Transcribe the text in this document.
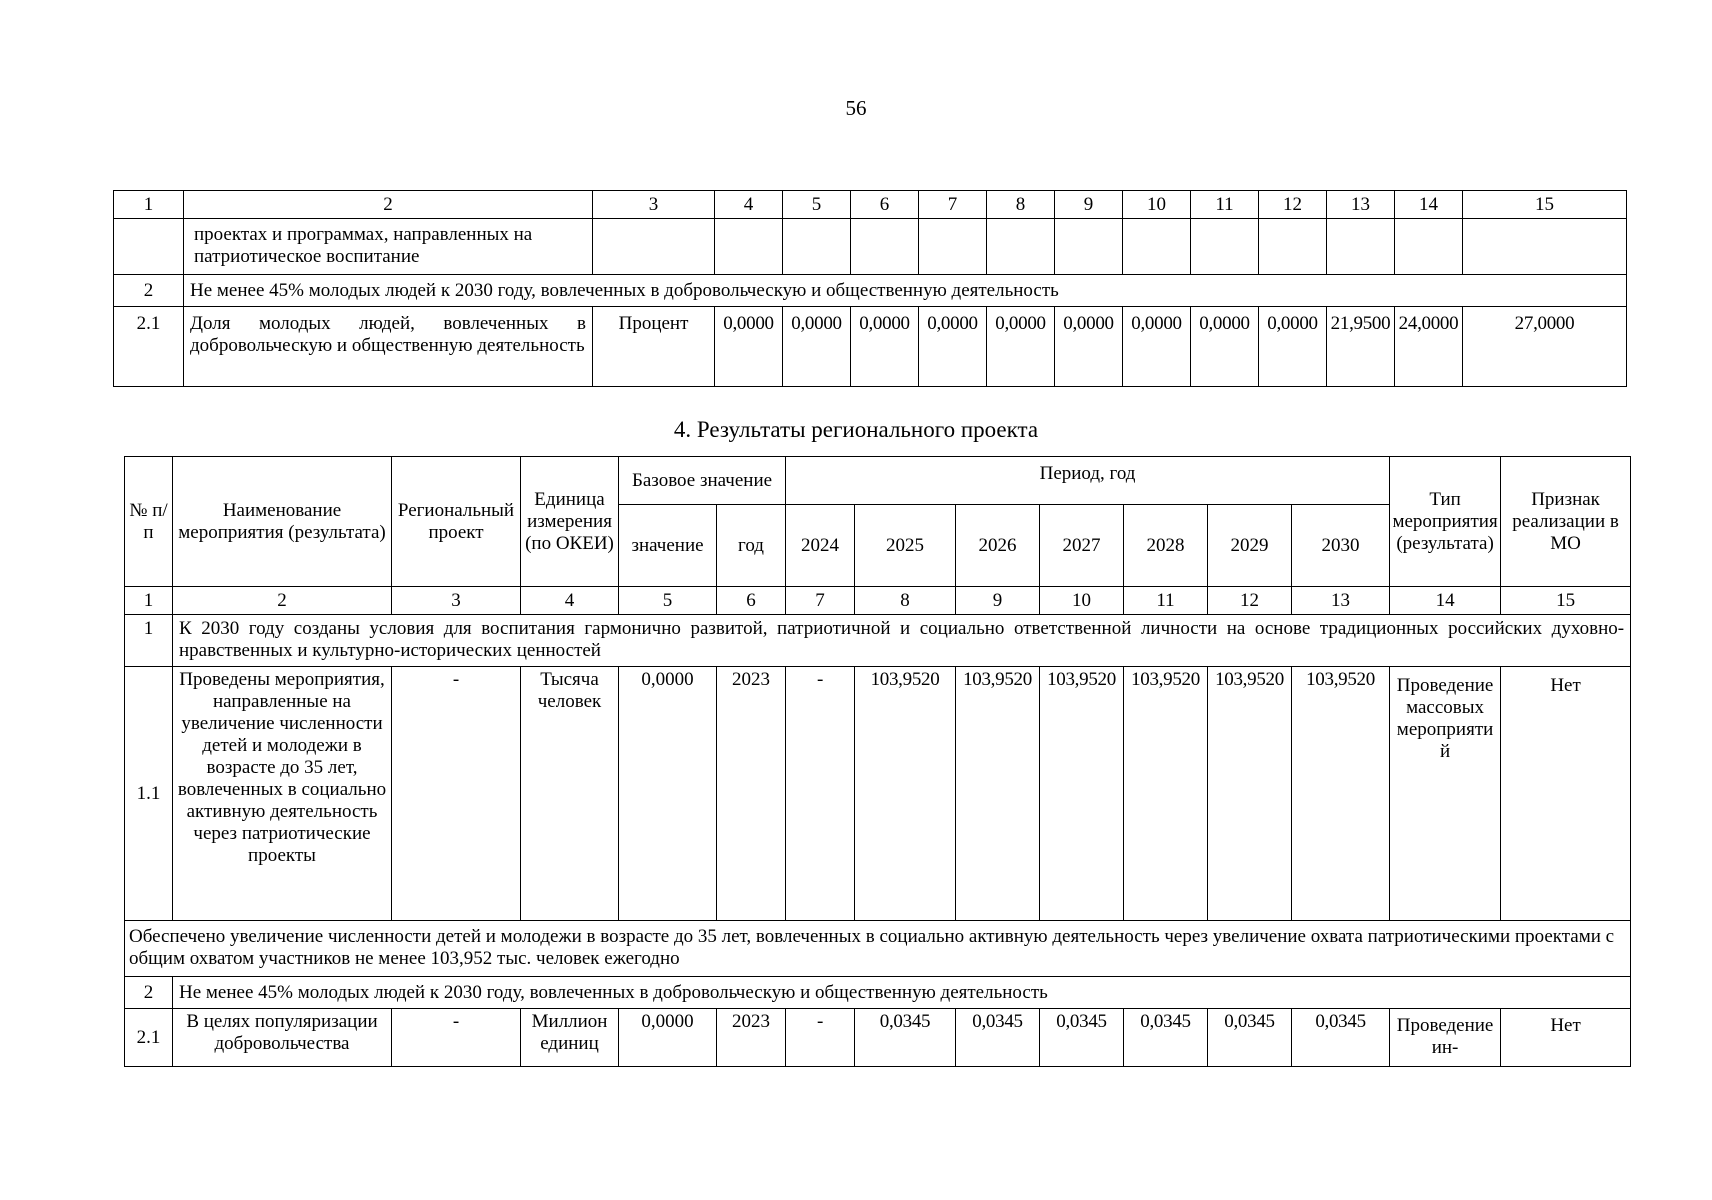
56
1	2	3	4	5	6	7	8	9	10	11	12	13	14	15
	проектах и программах, направленных на патриотическое воспитание													
2	Не менее 45% молодых людей к 2030 году, вовлеченных в добровольческую и общественную деятельность													
2.1	Доля молодых людей, вовлеченных в добровольческую и общественную деятельность	Процент	0,0000	0,0000	0,0000	0,0000	0,0000	0,0000	0,0000	0,0000	0,0000	21,9500	24,0000	27,0000
4. Результаты регионального проекта
№ п/п	Наименование мероприятия (результата)	Региональный проект	Единица измерения (по ОКЕИ)	Базовое значение		Период, год							Тип мероприятия (результата)	Признак реализации в МО
				значение	год	2024	2025	2026	2027	2028	2029	2030		
1	2	3	4	5	6	7	8	9	10	11	12	13	14	15
1	К 2030 году созданы условия для воспитания гармонично развитой, патриотичной и социально ответственной личности на основе традиционных российских духовно-нравственных и культурно-исторических ценностей													
1.1	Проведены мероприятия, направленные на увеличение численности детей и молодежи в возрасте до 35 лет, вовлеченных в социально активную деятельность через патриотические проекты	-	Тысяча человек	0,0000	2023	-	103,9520	103,9520	103,9520	103,9520	103,9520	103,9520	Проведение массовых мероприятий	Нет
Обеспечено увеличение численности детей и молодежи в возрасте до 35 лет, вовлеченных в социально активную деятельность через увеличение охвата патриотическими проектами с общим охватом участников не менее 103,952 тыс. человек ежегодно														
2	Не менее 45% молодых людей к 2030 году, вовлеченных в добровольческую и общественную деятельность													
2.1	В целях популяризации добровольчества	-	Миллион единиц	0,0000	2023	-	0,0345	0,0345	0,0345	0,0345	0,0345	0,0345	Проведение ин-	Нет
